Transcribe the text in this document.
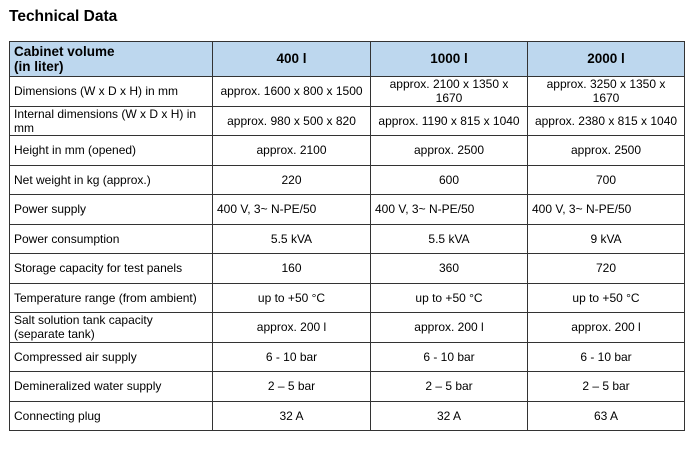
Technical Data
Cabinet volume
(in liter)	400 l	1000 l	2000 l
Dimensions (W x D x H) in mm	approx. 1600 x 800 x 1500	approx. 2100 x 1350 x 1670	approx. 3250 x 1350 x 1670
Internal dimensions (W x D x H) in mm	approx. 980 x 500 x 820	approx. 1190 x 815 x 1040	approx. 2380 x 815 x 1040
Height in mm (opened)	approx. 2100	approx. 2500	approx. 2500
Net weight in kg (approx.)	220	600	700
Power supply	400 V, 3~ N-PE/50	400 V, 3~ N-PE/50	400 V, 3~ N-PE/50
Power consumption	5.5 kVA	5.5 kVA	9 kVA
Storage capacity for test panels	160	360	720
Temperature range (from ambient)	up to +50 °C	up to +50 °C	up to +50 °C
Salt solution tank capacity
(separate tank)	approx. 200 l	approx. 200 l	approx. 200 l
Compressed air supply	6 - 10 bar	6 - 10 bar	6 - 10 bar
Demineralized water supply	2 – 5 bar	2 – 5 bar	2 – 5 bar
Connecting plug	32 A	32 A	63 A
